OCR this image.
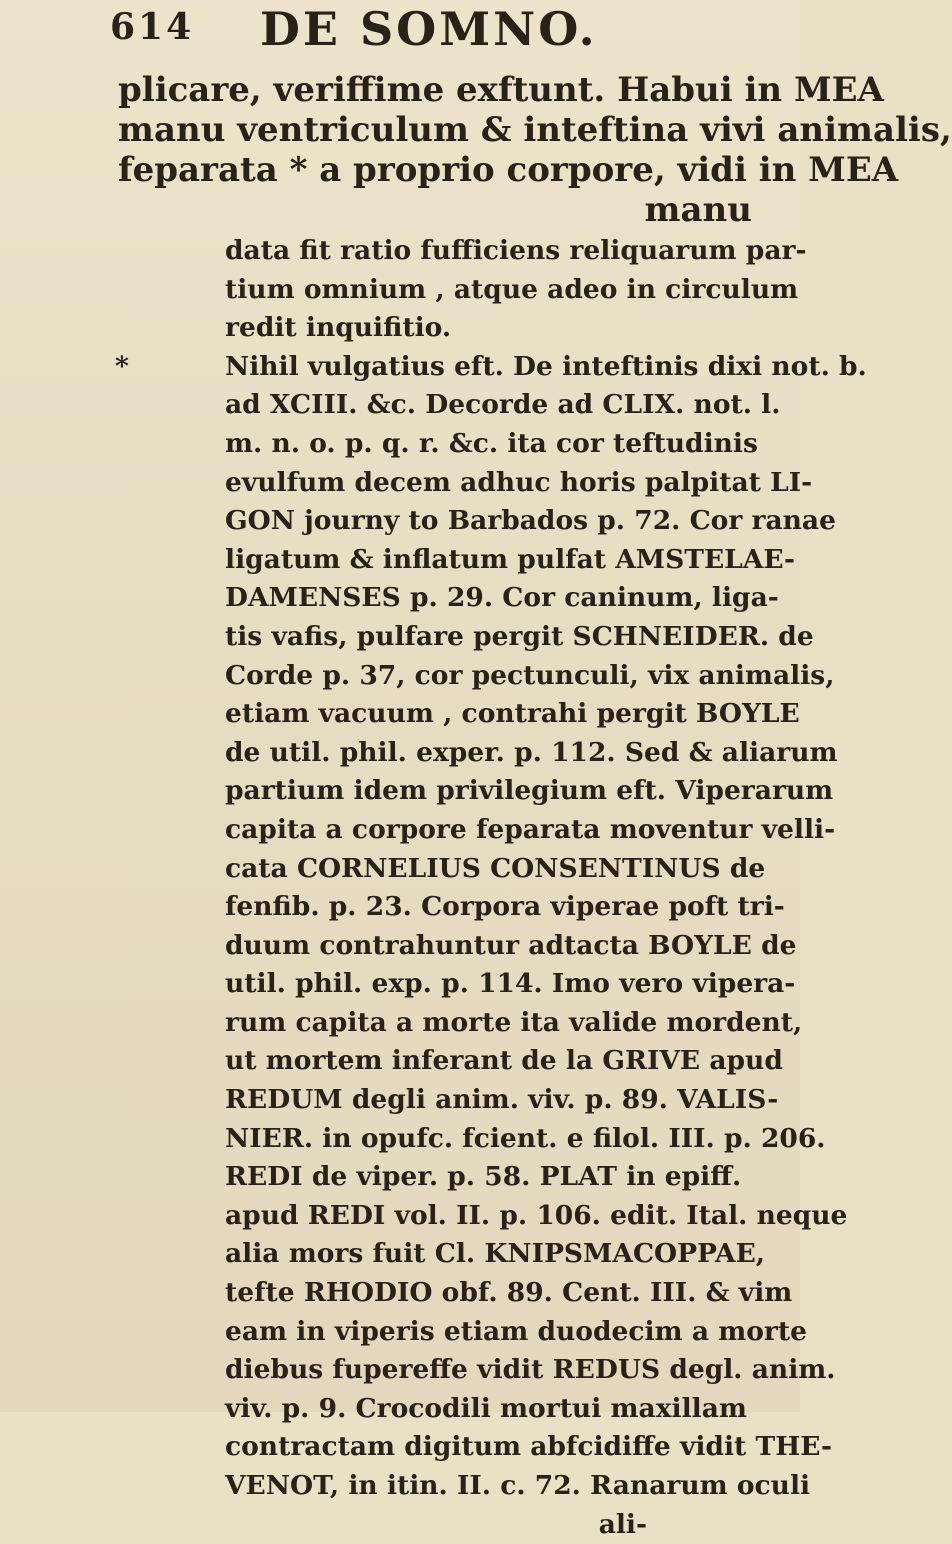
614 DE SOMNO.
plicare, veriffime exftunt. Habui in MEA
manu ventriculum & inteftina vivi animalis,
feparata * a proprio corpore, vidi in MEA
manu
data fit ratio fufficiens reliquarum par-
tium omnium , atque adeo in circulum
redit inquifitio.
*	Nihil vulgatius eft. De inteftinis dixi not. b.
ad XCIII. &c. Decorde ad CLIX. not. l.
m. n. o. p. q. r. &c. ita cor teftudinis
evulfum decem adhuc horis palpitat LI-
GON journy to Barbados p. 72. Cor ranae
ligatum & inflatum pulfat AMSTELAE-
DAMENSES p. 29. Cor caninum, liga-
tis vafis, pulfare pergit SCHNEIDER. de
Corde p. 37, cor pectunculi, vix animalis,
etiam vacuum , contrahi pergit BOYLE
de util. phil. exper. p. 112. Sed & aliarum
partium idem privilegium eft. Viperarum
capita a corpore feparata moventur velli-
cata CORNELIUS CONSENTINUS de
fenfib. p. 23. Corpora viperae poft tri-
duum contrahuntur adtacta BOYLE de
util. phil. exp. p. 114. Imo vero vipera-
rum capita a morte ita valide mordent,
ut mortem inferant de la GRIVE apud
REDUM degli anim. viv. p. 89. VALIS-
NIER. in opufc. fcient. e filol. III. p. 206.
REDI de viper. p. 58. PLAT in epiff.
apud REDI vol. II. p. 106. edit. Ital. neque
alia mors fuit Cl. KNIPSMACOPPAE,
tefte RHODIO obf. 89. Cent. III. & vim
eam in viperis etiam duodecim a morte
diebus fupereffe vidit REDUS degl. anim.
viv. p. 9. Crocodili mortui maxillam
contractam digitum abfcidiffe vidit THE-
VENOT, in itin. II. c. 72. Ranarum oculi
ali-
